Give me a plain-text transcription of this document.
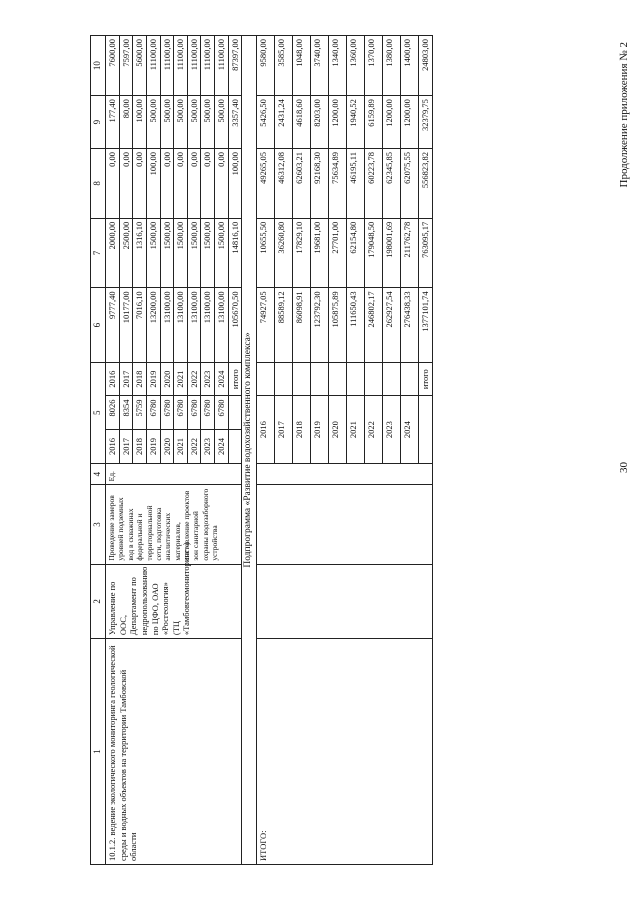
30
Продолжение приложения № 2
1	2	3	4	5			6	7	8	9	10
10.1.2. ведение экологического мониторинга геологической среды и водных объектов на территории Тамбовской области	Управление по ООС, Департамент по недропользованию по ЦФО, ОАО «Росгеология» (ТЦ «Тамбовгеомониторинг»)	Проведение замеров уровней подземных вод в скважинах федеральной и территориальной сети, подготовка аналитических материалов, составление проектов зон санитарной охраны водозаборного устройства	Ед.	2016	8026	2016	9777,40	2000,00	0,00	177,40	7600,00
				2017	8354	2017	10177,00	2500,00	0,00	80,00	7597,00
				2018	5759	2018	7016,10	1316,10	0,00	100,00	5600,00
				2019	6780	2019	13200,00	1500,00	100,00	500,00	11100,00
				2020	6780	2020	13100,00	1500,00	0,00	500,00	11100,00
				2021	6780	2021	13100,00	1500,00	0,00	500,00	11100,00
				2022	6780	2022	13100,00	1500,00	0,00	500,00	11100,00
				2023	6780	2023	13100,00	1500,00	0,00	500,00	11100,00
				2024	6780	2024	13100,00	1500,00	0,00	500,00	11100,00
						итого	105670,50	14816,10	100,00	3357,40	87397,00
Подпрограмма «Развитие водохозяйственного комплекса»											
ИТОГО:				2016			74927,05	10655,50	49265,05	5426,50	9580,00
				2017			88589,12	36260,80	46312,08	2431,24	3585,00
				2018			86098,91	17829,10	62603,21	4618,60	1048,00
				2019			123792,30	19681,00	92168,30	8203,00	3740,00
				2020			105875,89	27701,00	75634,89	1200,00	1340,00
				2021			111650,43	62154,80	46195,11	1940,52	1360,00
				2022			246802,17	179048,50	60223,78	6159,89	1370,00
				2023			262927,54	198001,69	62345,85	1200,00	1380,00
				2024			276438,33	211762,78	62075,55	1200,00	1400,00
						итого	1377101,74	763095,17	556823,82	32379,75	24803,00
